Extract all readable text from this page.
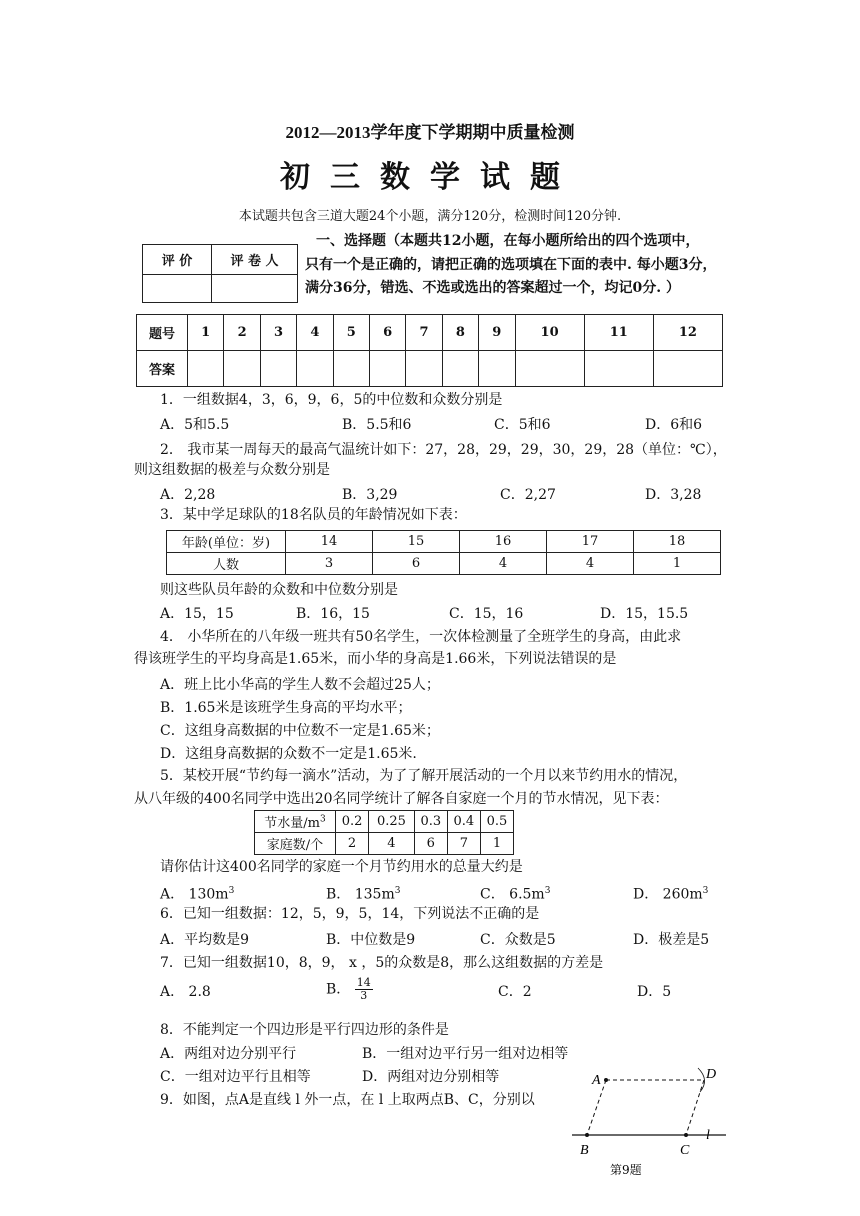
2012—2013学年度下学期期中质量检测
初三数学试题
本试题共包含三道大题24个小题，满分120分，检测时间120分钟.
评 价	评 卷 人

一、选择题（本题共12小题，在每小题所给出的四个选项中，
只有一个是正确的，请把正确的选项填在下面的表中. 每小题3分，
满分36分，错选、不选或选出的答案超过一个，均记0分. ）
题号	1	2	3	4	5	6	7	8	9	10	11	12
答案												
1．一组数据4，3，6，9，6，5的中位数和众数分别是
A．5和5.5	B．5.5和6	C．5和6	D．6和6
2． 我市某一周每天的最高气温统计如下：27，28，29，29，30，29，28（单位：℃），
则这组数据的极差与众数分别是
A．2,28	B．3,29	C．2,27	D．3,28
3．某中学足球队的18名队员的年龄情况如下表：
年龄(单位：岁)	14	15	16	17	18
人数	3	6	4	4	1
则这些队员年龄的众数和中位数分别是
A．15，15	B．16，15	C．15，16	D．15，15.5
4． 小华所在的八年级一班共有50名学生，一次体检测量了全班学生的身高，由此求
得该班学生的平均身高是1.65米，而小华的身高是1.66米，下列说法错误的是
A．班上比小华高的学生人数不会超过25人；
B．1.65米是该班学生身高的平均水平；
C．这组身高数据的中位数不一定是1.65米；
D．这组身高数据的众数不一定是1.65米.
5．某校开展“节约每一滴水”活动，为了了解开展活动的一个月以来节约用水的情况，
从八年级的400名同学中选出20名同学统计了解各自家庭一个月的节水情况，见下表：
节水量$/m^3$	0.2	0.25	0.3	0.4	0.5
家庭数/个	2	4	6	7	1
请你估计这400名同学的家庭一个月节约用水的总量大约是
A． $130m^3$	B． $135m^3$	C． $6.5m^3$	D． $260m^3$
6．已知一组数据：12，5，9，5，14，下列说法不正确的是
A．平均数是9	B．中位数是9	C．众数是5	D．极差是5
7．已知一组数据10，8，9， x ，5的众数是8，那么这组数据的方差是
A． 2.8	B． $\frac{14}{3}$	C．2	D．5
8．不能判定一个四边形是平行四边形的条件是
A．两组对边分别平行	B．一组对边平行另一组对边相等
C．一组对边平行且相等	D．两组对边分别相等
9．如图，点A是直线 l 外一点，在 l 上取两点B、C，分别以
A	D
B	C
l
第9题
